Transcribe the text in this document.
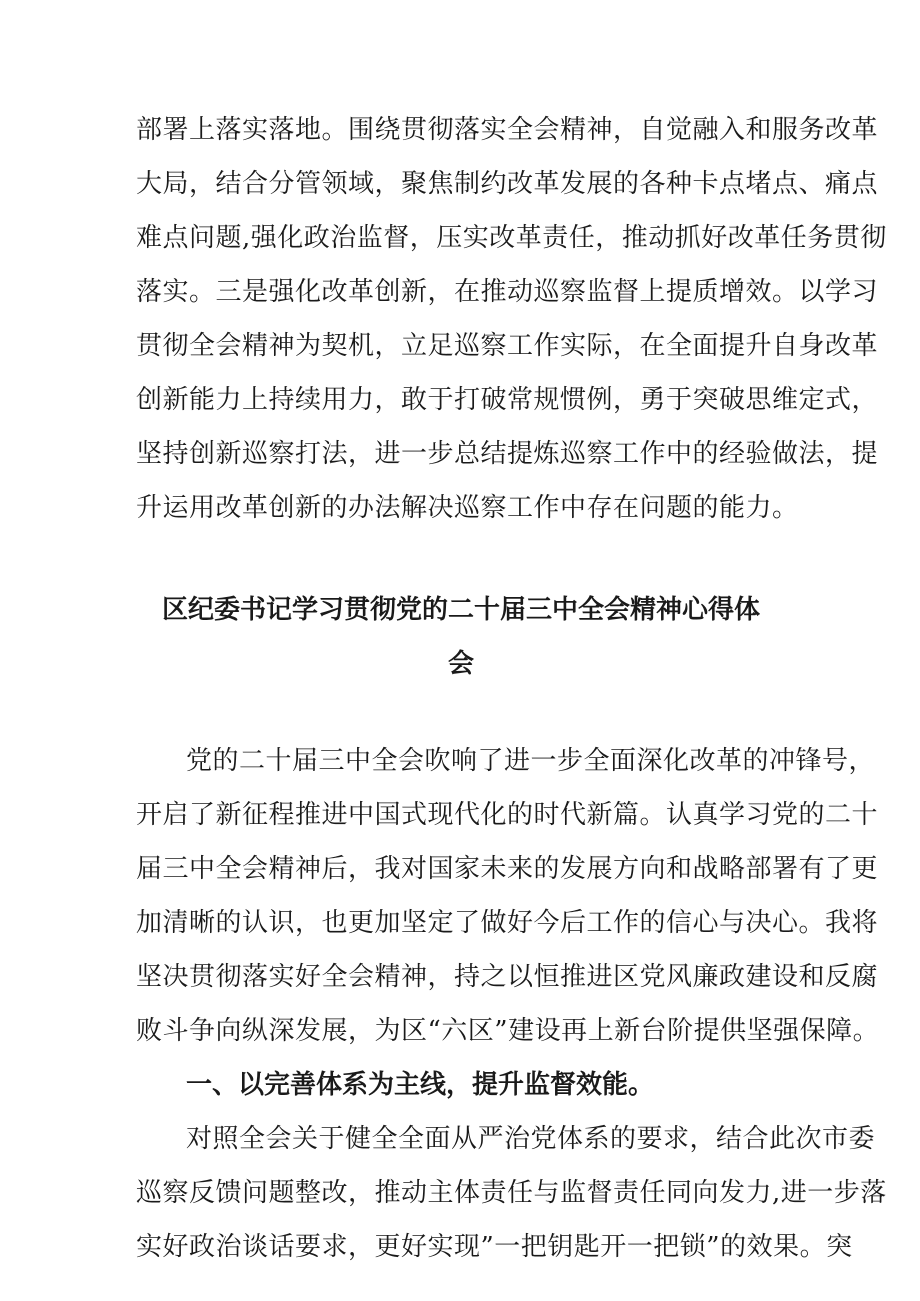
部署上落实落地。围绕贯彻落实全会精神，自觉融入和服务改革
大局，结合分管领域，聚焦制约改革发展的各种卡点堵点、痛点
难点问题,强化政治监督，压实改革责任，推动抓好改革任务贯彻
落实。三是强化改革创新，在推动巡察监督上提质增效。以学习
贯彻全会精神为契机，立足巡察工作实际，在全面提升自身改革
创新能力上持续用力，敢于打破常规惯例，勇于突破思维定式，
坚持创新巡察打法，进一步总结提炼巡察工作中的经验做法，提
升运用改革创新的办法解决巡察工作中存在问题的能力。
区纪委书记学习贯彻党的二十届三中全会精神心得体
会
党的二十届三中全会吹响了进一步全面深化改革的冲锋号，
开启了新征程推进中国式现代化的时代新篇。认真学习党的二十
届三中全会精神后，我对国家未来的发展方向和战略部署有了更
加清晰的认识，也更加坚定了做好今后工作的信心与决心。我将
坚决贯彻落实好全会精神，持之以恒推进区党风廉政建设和反腐
败斗争向纵深发展，为区“六区”建设再上新台阶提供坚强保障。
一、以完善体系为主线，提升监督效能。
对照全会关于健全全面从严治党体系的要求，结合此次市委
巡察反馈问题整改，推动主体责任与监督责任同向发力,进一步落
实好政治谈话要求，更好实现”一把钥匙开一把锁”的效果。突
